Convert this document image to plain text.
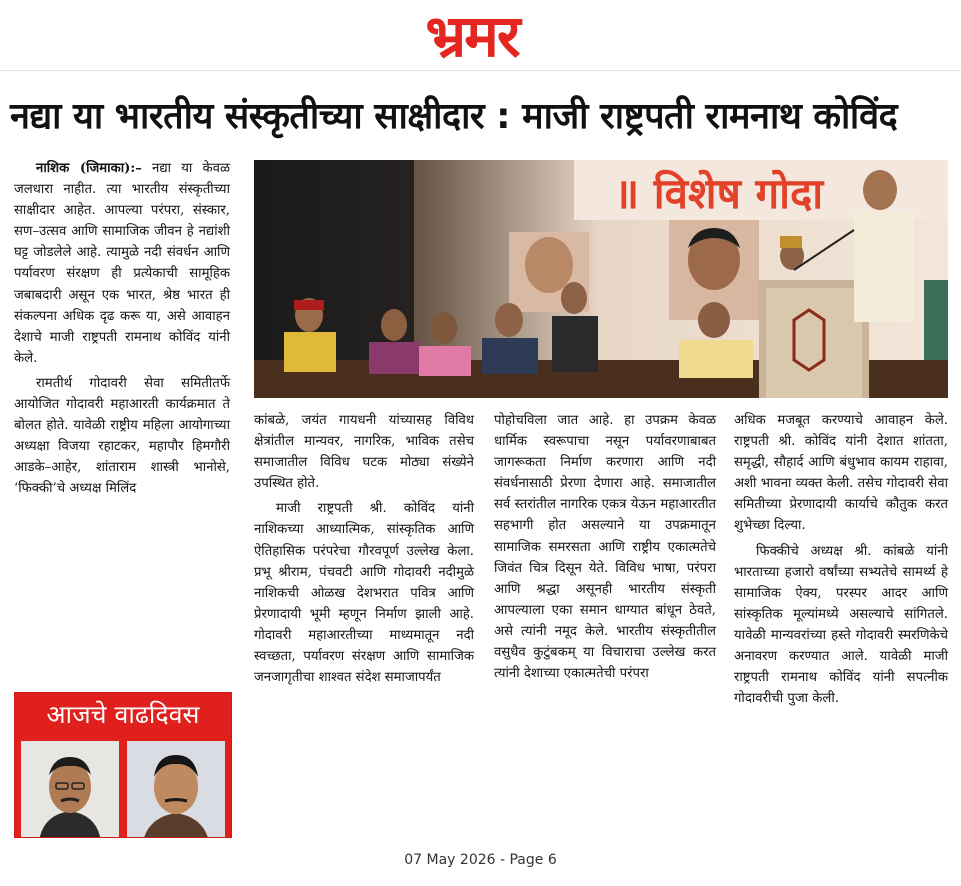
भ्रमर
नद्या या भारतीय संस्कृतीच्या साक्षीदार : माजी राष्ट्रपती रामनाथ कोविंद

नाशिक (जिमाका):– नद्या या केवळ जलधारा नाहीत. त्या भारतीय संस्कृतीच्या साक्षीदार आहेत. आपल्या परंपरा, संस्कार, सण–उत्सव आणि सामाजिक जीवन हे नद्यांशी घट्ट जोडलेले आहे. त्यामुळे नदी संवर्धन आणि पर्यावरण संरक्षण ही प्रत्येकाची सामूहिक जबाबदारी असून एक भारत, श्रेष्ठ भारत ही संकल्पना अधिक दृढ करू या, असे आवाहन देशाचे माजी राष्ट्रपती रामनाथ कोविंद यांनी केले.

रामतीर्थ गोदावरी सेवा समितीतर्फे आयोजित गोदावरी महाआरती कार्यक्रमात ते बोलत होते. यावेळी राष्ट्रीय महिला आयोगाच्या अध्यक्षा विजया रहाटकर, महापौर हिमगौरी आडके–आहेर, शांताराम शास्त्री भानोसे, ‘फिक्की’चे अध्यक्ष मिलिंद

आजचे वाढदिवस
॥ विशेष गोदा

कांबळे, जयंत गायधनी यांच्यासह विविध क्षेत्रांतील मान्यवर, नागरिक, भाविक तसेच समाजातील विविध घटक मोठ्या संख्येने उपस्थित होते.

माजी राष्ट्रपती श्री. कोविंद यांनी नाशिकच्या आध्यात्मिक, सांस्कृतिक आणि ऐतिहासिक परंपरेचा गौरवपूर्ण उल्लेख केला. प्रभू श्रीराम, पंचवटी आणि गोदावरी नदीमुळे नाशिकची ओळख देशभरात पवित्र आणि प्रेरणादायी भूमी म्हणून निर्माण झाली आहे. गोदावरी महाआरतीच्या माध्यमातून नदी स्वच्छता, पर्यावरण संरक्षण आणि सामाजिक जनजागृतीचा शाश्वत संदेश समाजापर्यंत

पोहोचविला जात आहे. हा उपक्रम केवळ धार्मिक स्वरूपाचा नसून पर्यावरणाबाबत जागरूकता निर्माण करणारा आणि नदी संवर्धनासाठी प्रेरणा देणारा आहे. समाजातील सर्व स्तरांतील नागरिक एकत्र येऊन महाआरतीत सहभागी होत असल्याने या उपक्रमातून सामाजिक समरसता आणि राष्ट्रीय एकात्मतेचे जिवंत चित्र दिसून येते. विविध भाषा, परंपरा आणि श्रद्धा असूनही भारतीय संस्कृती आपल्याला एका समान धाग्यात बांधून ठेवते, असे त्यांनी नमूद केले. भारतीय संस्कृतीतील वसुधैव कुटुंबकम् या विचाराचा उल्लेख करत त्यांनी देशाच्या एकात्मतेची परंपरा

अधिक मजबूत करण्याचे आवाहन केले. राष्ट्रपती श्री. कोविंद यांनी देशात शांतता, समृद्धी, सौहार्द आणि बंधुभाव कायम राहावा, अशी भावना व्यक्त केली. तसेच गोदावरी सेवा समितीच्या प्रेरणादायी कार्याचे कौतुक करत शुभेच्छा दिल्या.

फिक्कीचे अध्यक्ष श्री. कांबळे यांनी भारताच्या हजारो वर्षांच्या सभ्यतेचे सामर्थ्य हे सामाजिक ऐक्य, परस्पर आदर आणि सांस्कृतिक मूल्यांमध्ये असल्याचे सांगितले. यावेळी मान्यवरांच्या हस्ते गोदावरी स्मरणिकेचे अनावरण करण्यात आले. यावेळी माजी राष्ट्रपती रामनाथ कोविंद यांनी सपत्नीक गोदावरीची पुजा केली.

07 May 2026 - Page 6
